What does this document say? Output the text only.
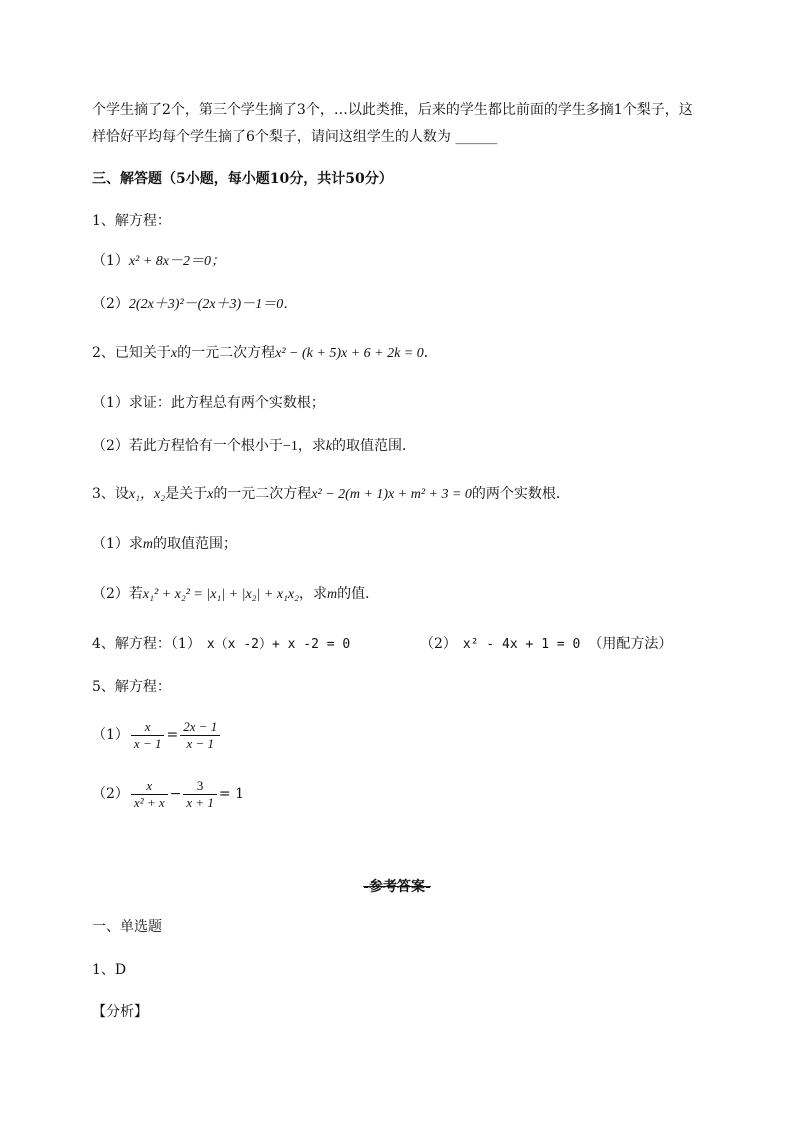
个学生摘了2个，第三个学生摘了3个，…以此类推，后来的学生都比前面的学生多摘1个梨子，这
样恰好平均每个学生摘了6个梨子，请问这组学生的人数为 ______
三、解答题（5小题，每小题10分，共计50分）
1、解方程：
（1）x² + 8x－2＝0；
（2）2(2x＋3)²－(2x＋3)－1＝0．
2、已知关于x的一元二次方程x² − (k + 5)x + 6 + 2k = 0．
（1）求证：此方程总有两个实数根；
（2）若此方程恰有一个根小于−1，求k的取值范围．
3、设x₁，x₂是关于x的一元二次方程x² − 2(m + 1)x + m² + 3 = 0的两个实数根．
（1）求m的取值范围；
（2）若x₁² + x₂² = |x₁| + |x₂| + x₁x₂，求m的值．
4、解方程：（1） x（x -2）+ x -2 = 0	（2） x² - 4x + 1 = 0 （用配方法）
5、解方程：
$(1) \frac{x}{x - 1} = \frac{2x - 1}{x - 1}$
$(2) \frac{x}{\text{x² + x}} - \frac{3}{x + 1} = 1$
-参考答案-
一、单选题
1、D
【分析】
